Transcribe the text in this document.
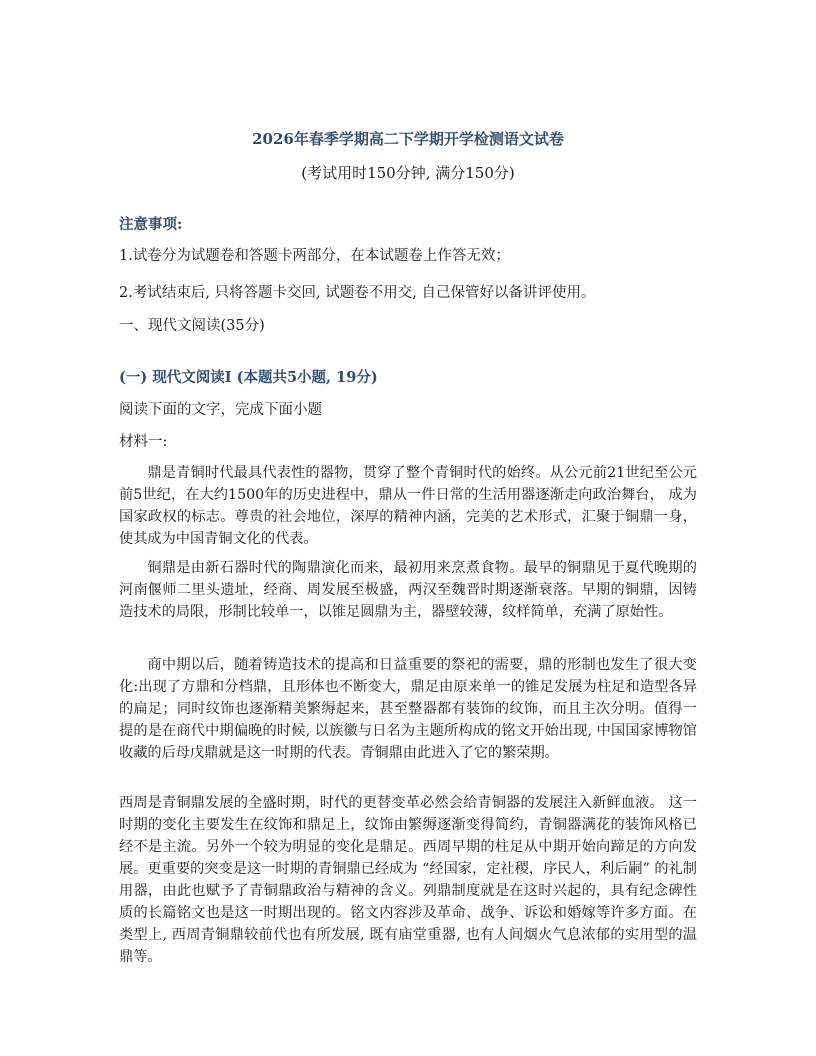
2026年春季学期高二下学期开学检测语文试卷
(考试用时150分钟, 满分150分)
注意事项:
1.试卷分为试题卷和答题卡两部分，在本试题卷上作答无效；
2.考试结束后, 只将答题卡交回, 试题卷不用交, 自己保管好以备讲评使用。
一、现代文阅读(35分)
(一) 现代文阅读I (本题共5小题, 19分)
阅读下面的文字，完成下面小题
材料一:
鼎是青铜时代最具代表性的器物，贯穿了整个青铜时代的始终。从公元前21世纪至公元前5世纪，在大约1500年的历史进程中，鼎从一件日常的生活用器逐渐走向政治舞台， 成为国家政权的标志。尊贵的社会地位，深厚的精神内涵，完美的艺术形式，汇聚于铜鼎一身，使其成为中国青铜文化的代表。
铜鼎是由新石器时代的陶鼎演化而来，最初用来烹煮食物。最早的铜鼎见于夏代晚期的河南偃师二里头遗址，经商、周发展至极盛，两汉至魏晋时期逐渐衰落。早期的铜鼎，因铸造技术的局限，形制比较单一，以锥足圆鼎为主，器壁较薄，纹样简单，充满了原始性。
商中期以后，随着铸造技术的提高和日益重要的祭祀的需要，鼎的形制也发生了很大变化:出现了方鼎和分档鼎，且形体也不断变大，鼎足由原来单一的锥足发展为柱足和造型各异的扁足；同时纹饰也逐渐精美繁缛起来，甚至整器都有装饰的纹饰，而且主次分明。值得一提的是在商代中期偏晚的时候, 以族徽与日名为主题所构成的铭文开始出现, 中国国家博物馆收藏的后母戊鼎就是这一时期的代表。青铜鼎由此进入了它的繁荣期。
西周是青铜鼎发展的全盛时期，时代的更替变革必然会给青铜器的发展注入新鲜血液。 这一时期的变化主要发生在纹饰和鼎足上，纹饰由繁缛逐渐变得简约，青铜器满花的装饰风格已经不是主流。另外一个较为明显的变化是鼎足。西周早期的柱足从中期开始向蹄足的方向发展。更重要的突变是这一时期的青铜鼎已经成为 “经国家，定社稷，序民人，利后嗣” 的礼制用器，由此也赋予了青铜鼎政治与精神的含义。列鼎制度就是在这时兴起的，具有纪念碑性质的长篇铭文也是这一时期出现的。铭文内容涉及革命、战争、诉讼和婚嫁等许多方面。在类型上, 西周青铜鼎较前代也有所发展, 既有庙堂重器, 也有人间烟火气息浓郁的实用型的温鼎等。
